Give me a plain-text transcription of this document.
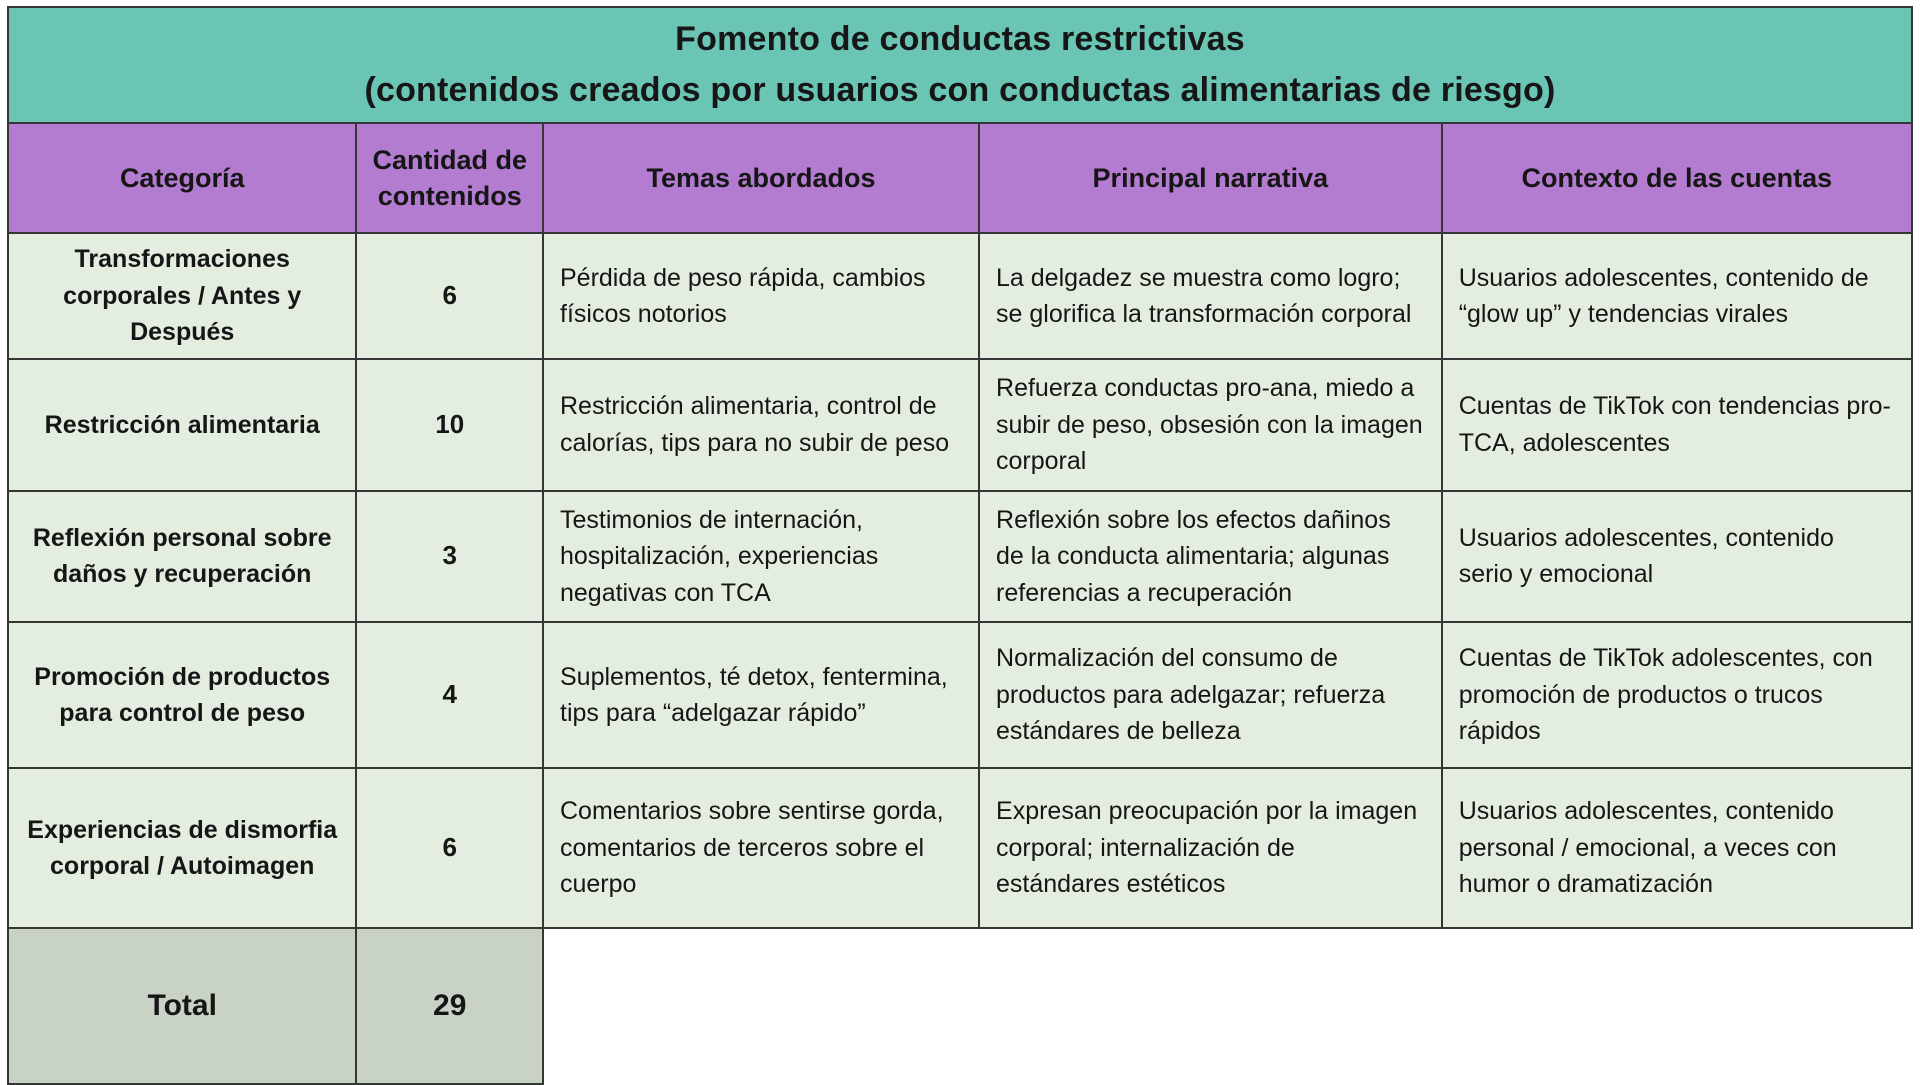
Fomento de conductas restrictivas
(contenidos creados por usuarios con conductas alimentarias de riesgo)
Categoría	Cantidad de contenidos	Temas abordados	Principal narrativa	Contexto de las cuentas
Transformaciones corporales / Antes y Después	6	Pérdida de peso rápida, cambios físicos notorios	La delgadez se muestra como logro; se glorifica la transformación corporal	Usuarios adolescentes, contenido de “glow up” y tendencias virales
Restricción alimentaria	10	Restricción alimentaria, control de calorías, tips para no subir de peso	Refuerza conductas pro-ana, miedo a subir de peso, obsesión con la imagen corporal	Cuentas de TikTok con tendencias pro-TCA, adolescentes
Reflexión personal sobre daños y recuperación	3	Testimonios de internación, hospitalización, experiencias negativas con TCA	Reflexión sobre los efectos dañinos de la conducta alimentaria; algunas referencias a recuperación	Usuarios adolescentes, contenido serio y emocional
Promoción de productos para control de peso	4	Suplementos, té detox, fentermina, tips para “adelgazar rápido”	Normalización del consumo de productos para adelgazar; refuerza estándares de belleza	Cuentas de TikTok adolescentes, con promoción de productos o trucos rápidos
Experiencias de dismorfia corporal / Autoimagen	6	Comentarios sobre sentirse gorda, comentarios de terceros sobre el cuerpo	Expresan preocupación por la imagen corporal; internalización de estándares estéticos	Usuarios adolescentes, contenido personal / emocional, a veces con humor o dramatización
Total	29			
